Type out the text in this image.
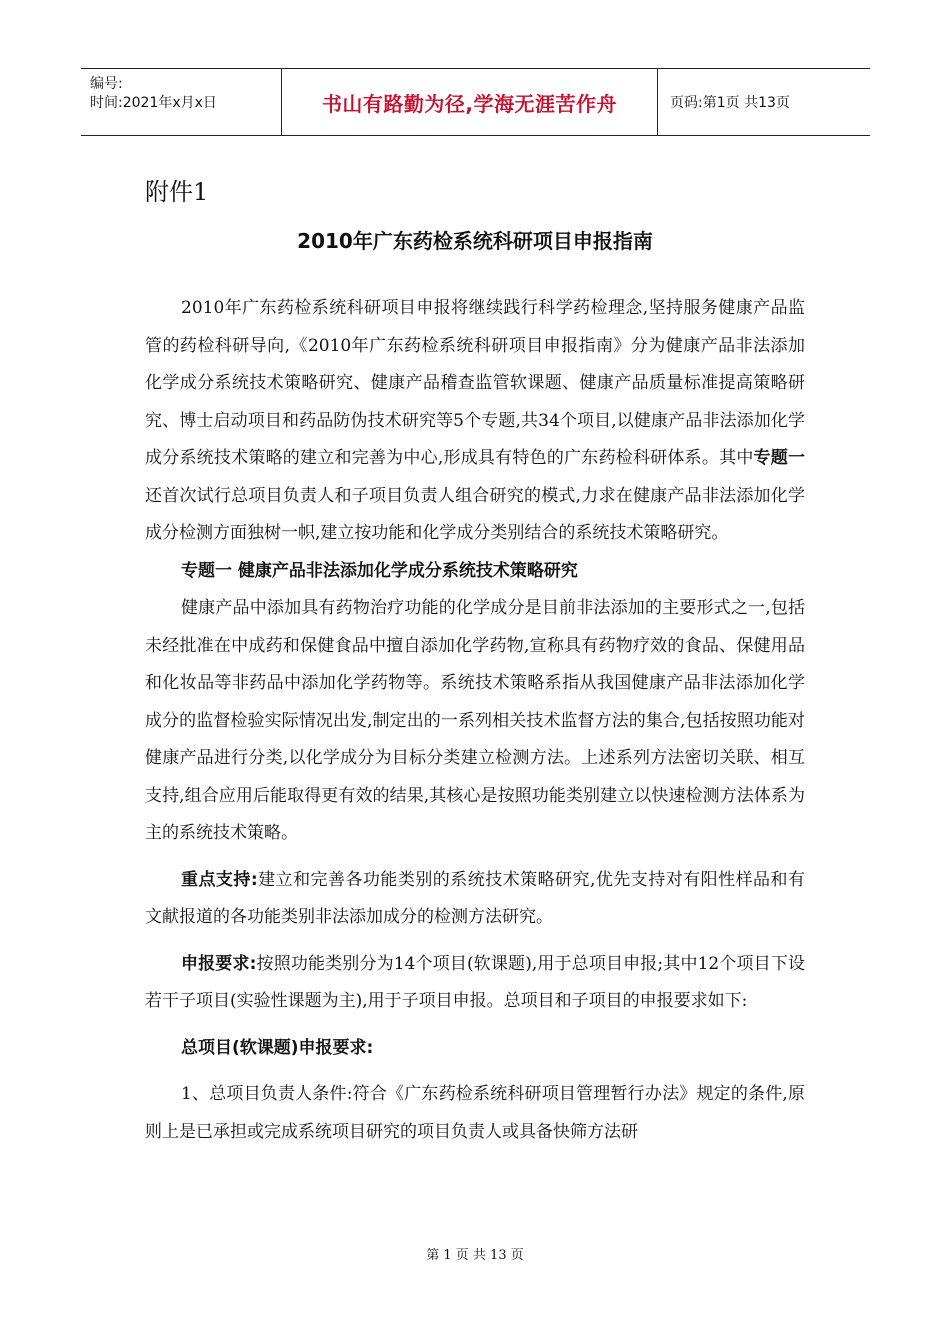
编号:
时间:2021年x月x日	书山有路勤为径,学海无涯苦作舟	页码:第1页 共13页
附件1
2010年广东药检系统科研项目申报指南

2010年广东药检系统科研项目申报将继续践行科学药检理念,坚持服务健康产品监管的药检科研导向,《2010年广东药检系统科研项目申报指南》分为健康产品非法添加化学成分系统技术策略研究、健康产品稽查监管软课题、健康产品质量标准提高策略研究、博士启动项目和药品防伪技术研究等5个专题,共34个项目,以健康产品非法添加化学成分系统技术策略的建立和完善为中心,形成具有特色的广东药检科研体系。其中专题一还首次试行总项目负责人和子项目负责人组合研究的模式,力求在健康产品非法添加化学成分检测方面独树一帜,建立按功能和化学成分类别结合的系统技术策略研究。

专题一 健康产品非法添加化学成分系统技术策略研究

健康产品中添加具有药物治疗功能的化学成分是目前非法添加的主要形式之一,包括未经批准在中成药和保健食品中擅自添加化学药物,宣称具有药物疗效的食品、保健用品和化妆品等非药品中添加化学药物等。系统技术策略系指从我国健康产品非法添加化学成分的监督检验实际情况出发,制定出的一系列相关技术监督方法的集合,包括按照功能对健康产品进行分类,以化学成分为目标分类建立检测方法。上述系列方法密切关联、相互支持,组合应用后能取得更有效的结果,其核心是按照功能类别建立以快速检测方法体系为主的系统技术策略。

重点支持:建立和完善各功能类别的系统技术策略研究,优先支持对有阳性样品和有文献报道的各功能类别非法添加成分的检测方法研究。

申报要求:按照功能类别分为14个项目(软课题),用于总项目申报;其中12个项目下设若干子项目(实验性课题为主),用于子项目申报。总项目和子项目的申报要求如下:

总项目(软课题)申报要求:

1、总项目负责人条件:符合《广东药检系统科研项目管理暂行办法》规定的条件,原则上是已承担或完成系统项目研究的项目负责人或具备快筛方法研

第 1 页 共 13 页
